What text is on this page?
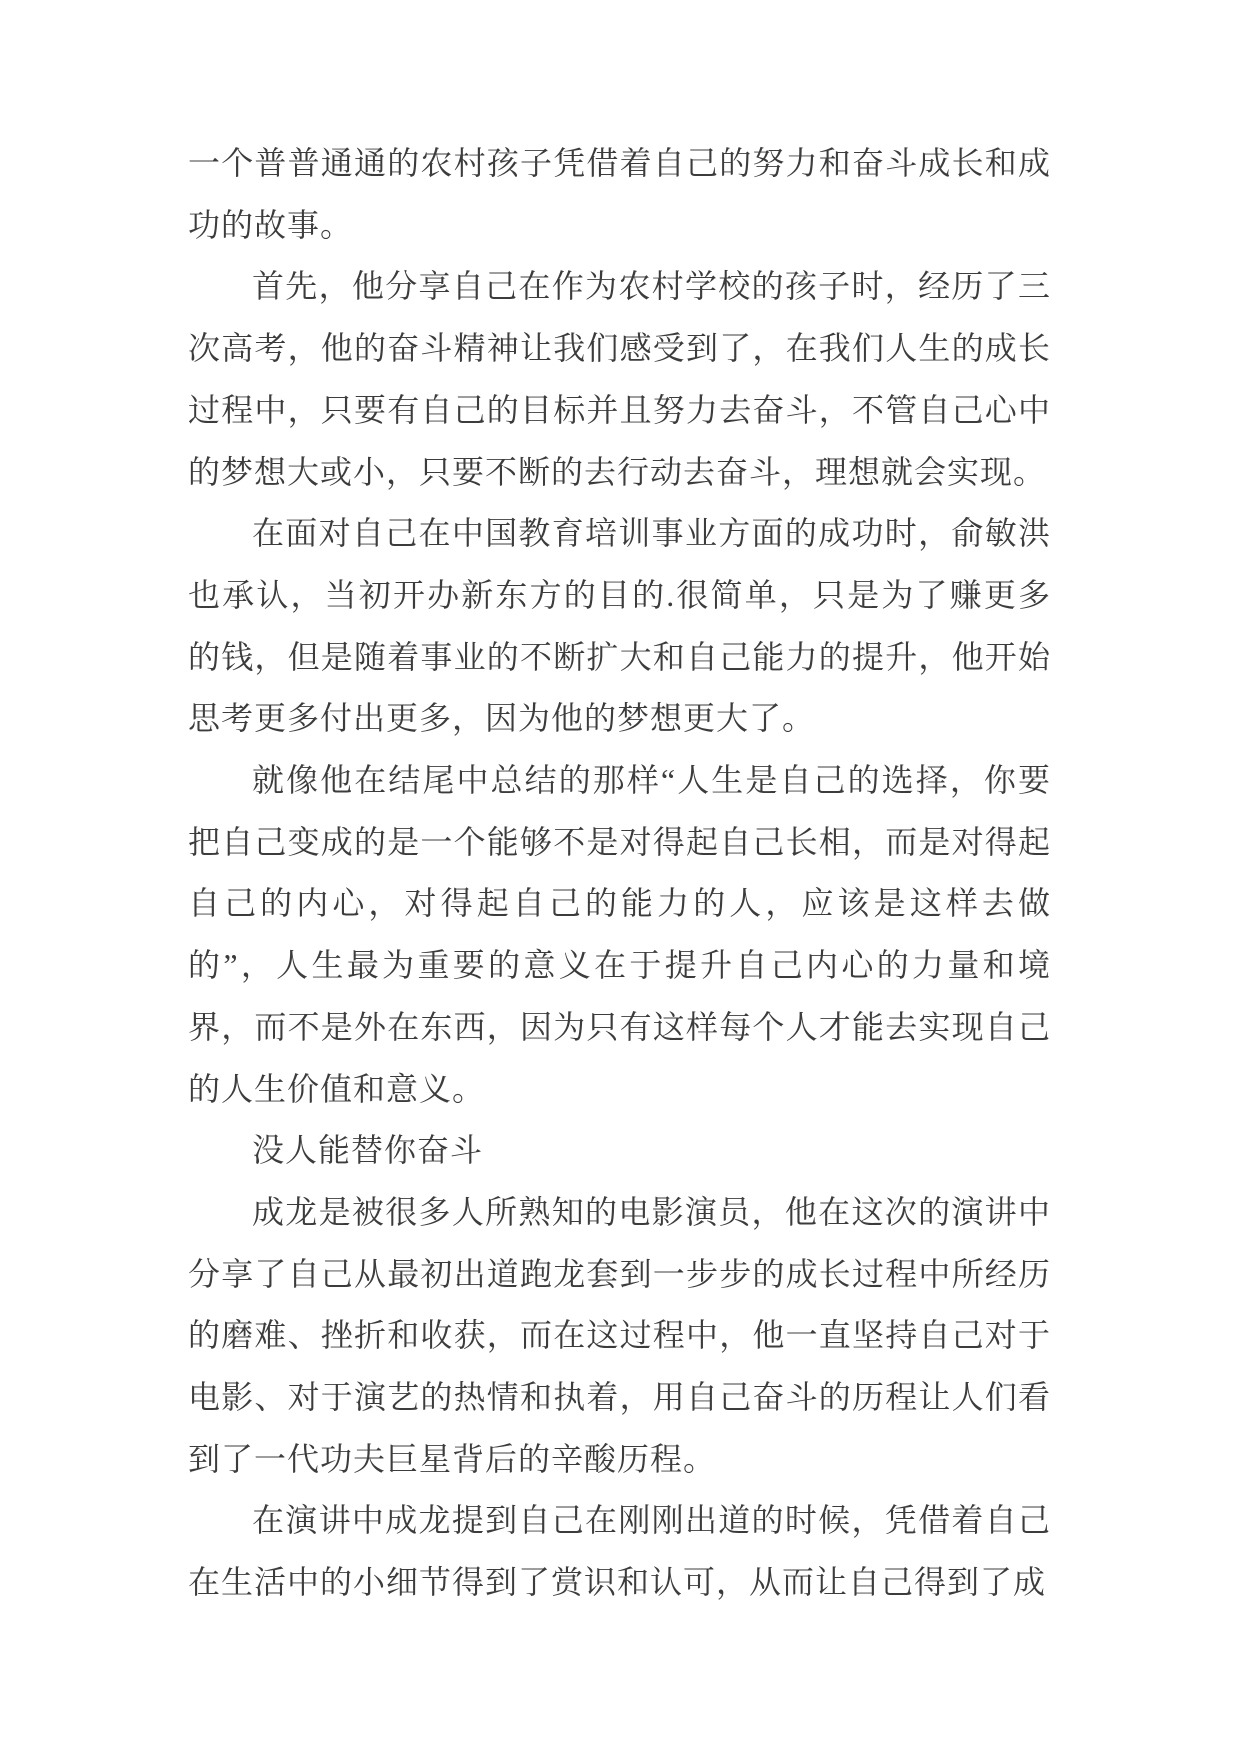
一个普普通通的农村孩子凭借着自己的努力和奋斗成长和成功的故事。

首先，他分享自己在作为农村学校的孩子时，经历了三次高考，他的奋斗精神让我们感受到了，在我们人生的成长过程中，只要有自己的目标并且努力去奋斗，不管自己心中的梦想大或小，只要不断的去行动去奋斗，理想就会实现。

在面对自己在中国教育培训事业方面的成功时，俞敏洪也承认，当初开办新东方的目的.很简单，只是为了赚更多的钱，但是随着事业的不断扩大和自己能力的提升，他开始思考更多付出更多，因为他的梦想更大了。

就像他在结尾中总结的那样“人生是自己的选择，你要把自己变成的是一个能够不是对得起自己长相，而是对得起自己的内心，对得起自己的能力的人，应该是这样去做的”，人生最为重要的意义在于提升自己内心的力量和境界，而不是外在东西，因为只有这样每个人才能去实现自己的人生价值和意义。

没人能替你奋斗

成龙是被很多人所熟知的电影演员，他在这次的演讲中分享了自己从最初出道跑龙套到一步步的成长过程中所经历的磨难、挫折和收获，而在这过程中，他一直坚持自己对于电影、对于演艺的热情和执着，用自己奋斗的历程让人们看到了一代功夫巨星背后的辛酸历程。

在演讲中成龙提到自己在刚刚出道的时候，凭借着自己在生活中的小细节得到了赏识和认可，从而让自己得到了成
